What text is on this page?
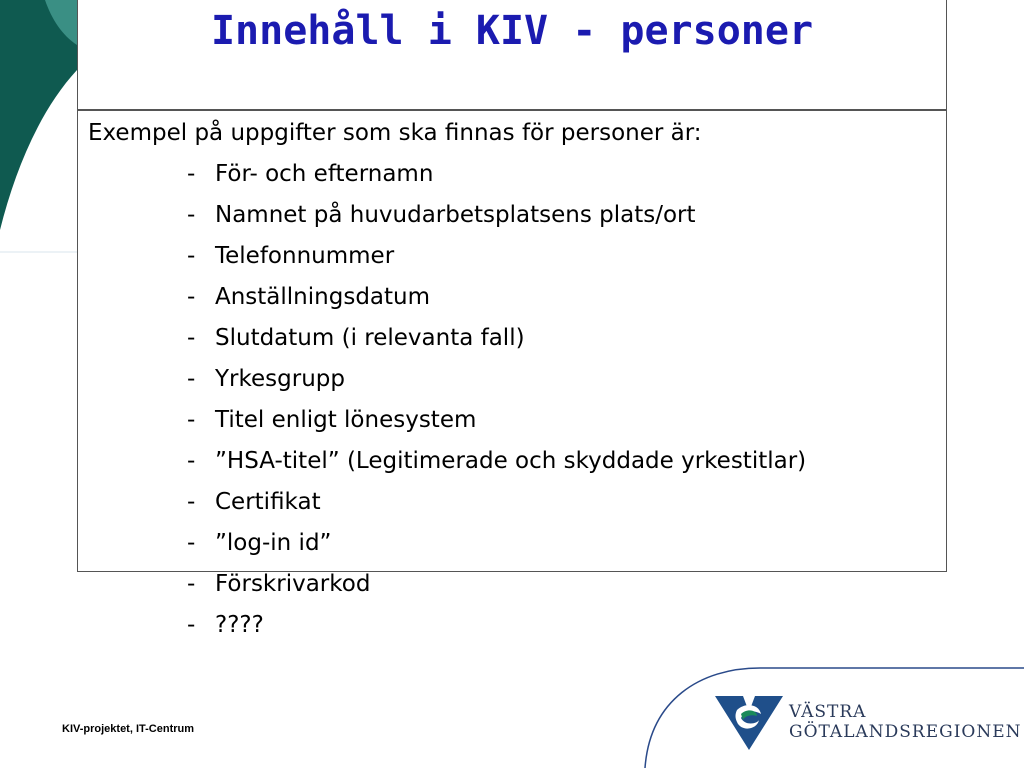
Innehåll i KIV - personer
Exempel på uppgifter som ska finnas för personer är:
- För- och efternamn
- Namnet på huvudarbetsplatsens plats/ort
- Telefonnummer
- Anställningsdatum
- Slutdatum (i relevanta fall)
- Yrkesgrupp
- Titel enligt lönesystem
- ”HSA-titel” (Legitimerade och skyddade yrkestitlar)
- Certifikat
- ”log-in id”
- Förskrivarkod
- ????
KIV-projektet, IT-Centrum
VÄSTRA
GÖTALANDSREGIONEN
